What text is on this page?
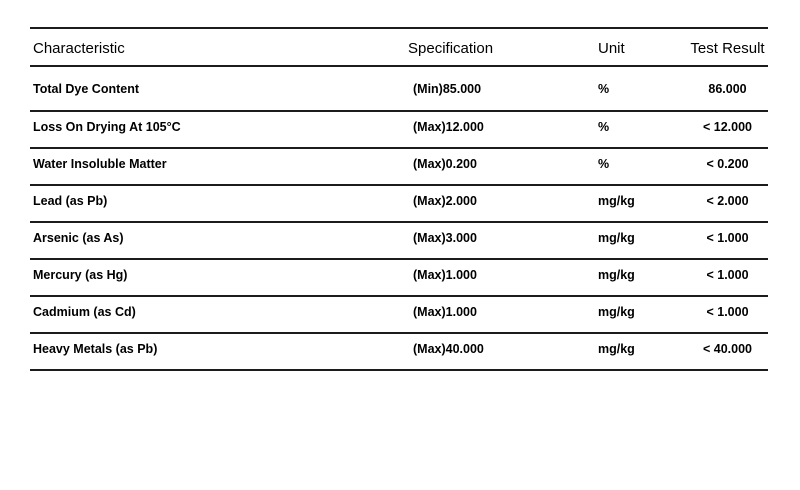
Characteristic	Specification	Unit	Test Result
Total Dye Content	(Min)85.000	%	86.000
Loss On Drying At 105°C	(Max)12.000	%	< 12.000
Water Insoluble Matter	(Max)0.200	%	< 0.200
Lead (as Pb)	(Max)2.000	mg/kg	< 2.000
Arsenic (as As)	(Max)3.000	mg/kg	< 1.000
Mercury (as Hg)	(Max)1.000	mg/kg	< 1.000
Cadmium (as Cd)	(Max)1.000	mg/kg	< 1.000
Heavy Metals (as Pb)	(Max)40.000	mg/kg	< 40.000
